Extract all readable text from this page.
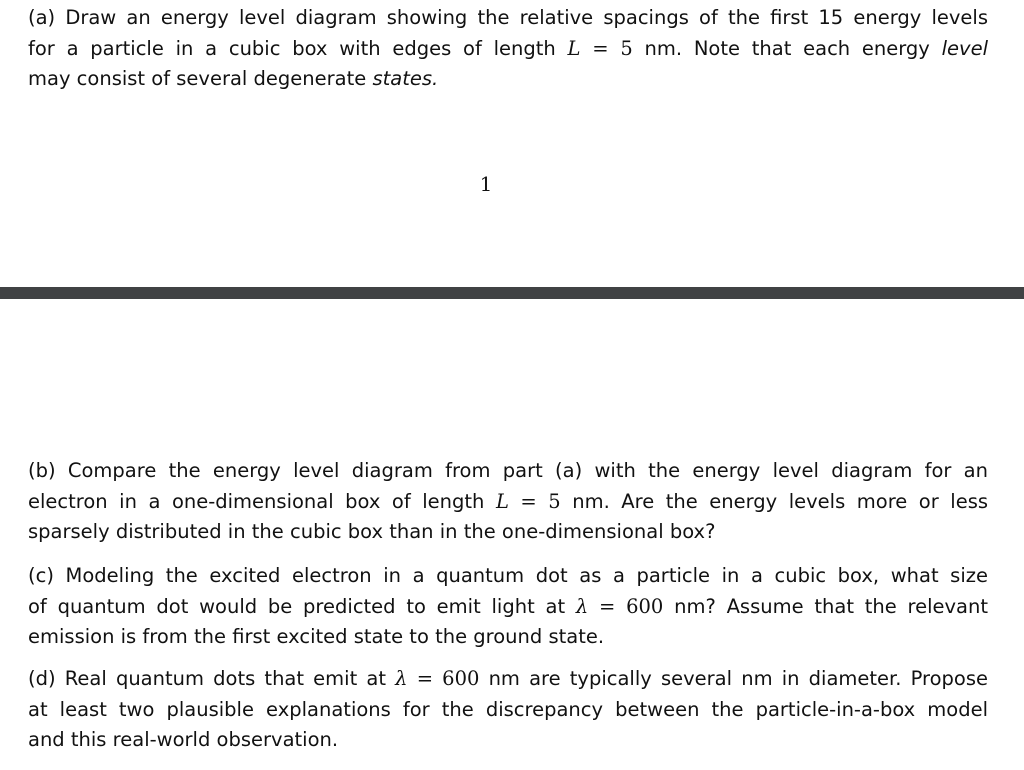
(a) Draw an energy level diagram showing the relative spacings of the first 15 energy levels
for a particle in a cubic box with edges of length L = 5 nm. Note that each energy level
may consist of several degenerate states.
1
(b) Compare the energy level diagram from part (a) with the energy level diagram for an
electron in a one-dimensional box of length L = 5 nm. Are the energy levels more or less
sparsely distributed in the cubic box than in the one-dimensional box?
(c) Modeling the excited electron in a quantum dot as a particle in a cubic box, what size
of quantum dot would be predicted to emit light at λ = 600 nm? Assume that the relevant
emission is from the first excited state to the ground state.
(d) Real quantum dots that emit at λ = 600 nm are typically several nm in diameter. Propose
at least two plausible explanations for the discrepancy between the particle-in-a-box model
and this real-world observation.
